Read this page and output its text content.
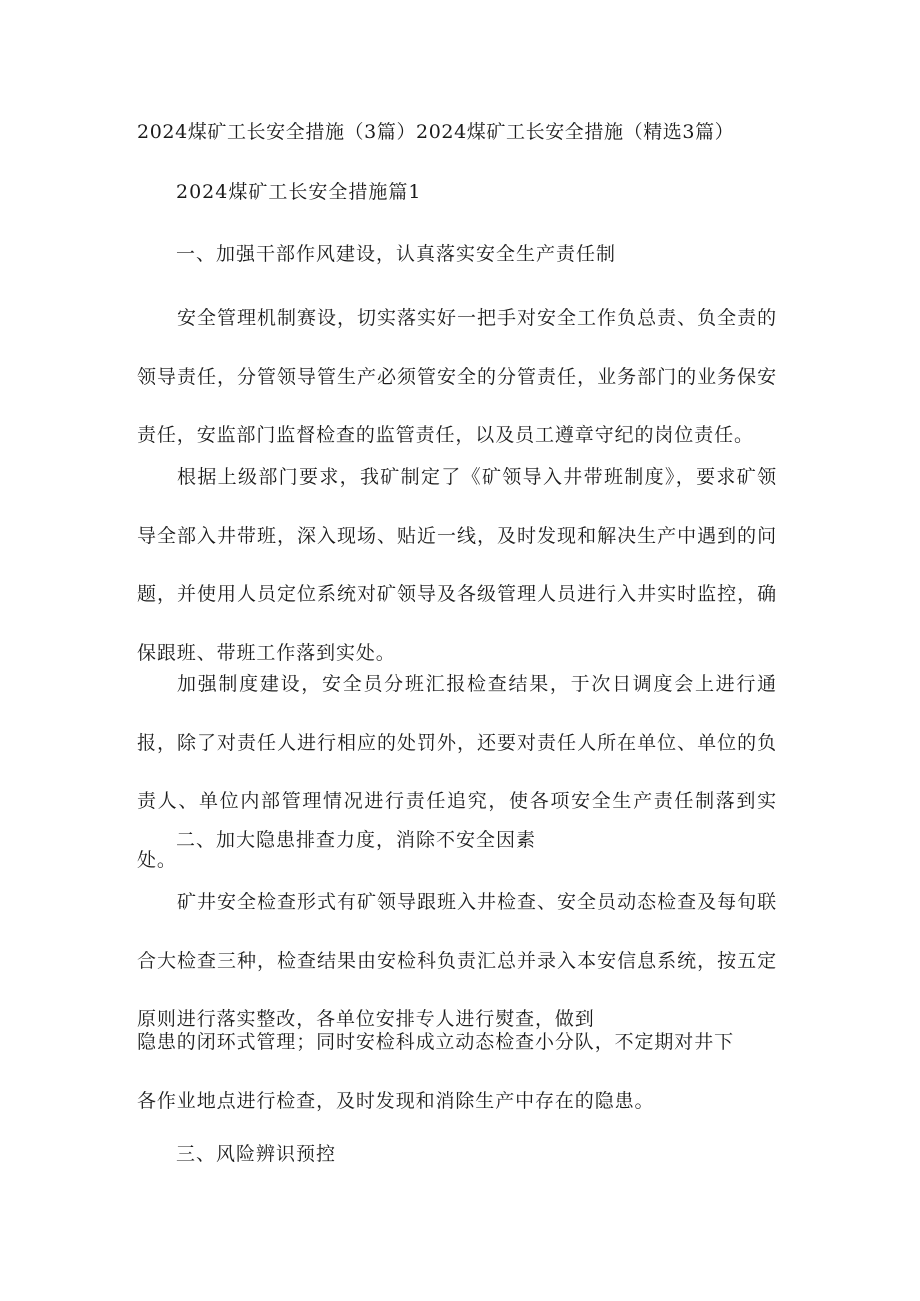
2024煤矿工长安全措施（3篇）2024煤矿工长安全措施（精选3篇）

2024煤矿工长安全措施篇1

一、加强干部作风建设，认真落实安全生产责任制

安全管理机制赛设，切实落实好一把手对安全工作负总责、负全责的领导责任，分管领导管生产必须管安全的分管责任，业务部门的业务保安责任，安监部门监督检查的监管责任，以及员工遵章守纪的岗位责任。

根据上级部门要求，我矿制定了《矿领导入井带班制度》，要求矿领导全部入井带班，深入现场、贴近一线，及时发现和解决生产中遇到的问题，并使用人员定位系统对矿领导及各级管理人员进行入井实时监控，确保跟班、带班工作落到实处。

加强制度建设，安全员分班汇报检查结果，于次日调度会上进行通报，除了对责任人进行相应的处罚外，还要对责任人所在单位、单位的负责人、单位内部管理情况进行责任追究，使各项安全生产责任制落到实处。

二、加大隐患排查力度，消除不安全因素

矿井安全检查形式有矿领导跟班入井检查、安全员动态检查及每旬联合大检查三种，检查结果由安检科负责汇总并录入本安信息系统，按五定原则进行落实整改，各单位安排专人进行熨查，做到

隐患的闭环式管理；同时安检科成立动态检查小分队，不定期对井下

各作业地点进行检查，及时发现和消除生产中存在的隐患。

三、风险辨识预控
